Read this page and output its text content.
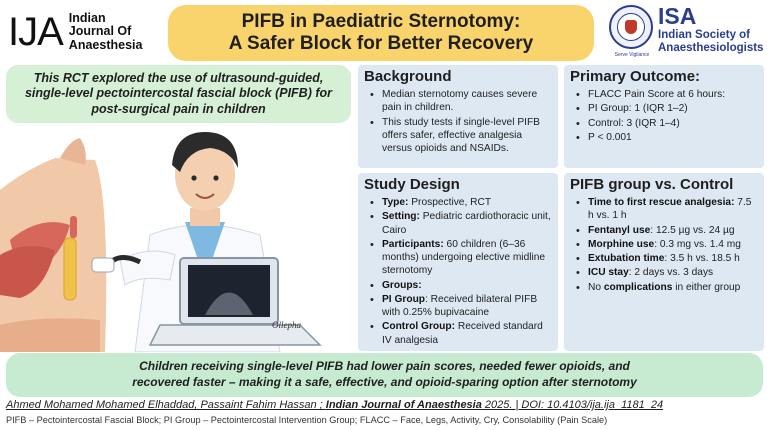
IJA Indian
Journal Of
Anaesthesia
PIFB in Paediatric Sternotomy:
A Safer Block for Better Recovery
Serve Vigilance
ISA
Indian Society of
Anaesthesiologists
This RCT explored the use of ultrasound-guided, single-level pectointercostal fascial block (PIFB) for post-surgical pain in children
Ollepha
Background
• Median sternotomy causes severe pain in children.
• This study tests if single-level PIFB offers safer, effective analgesia versus opioids and NSAIDs.
Primary Outcome:
• FLACC Pain Score at 6 hours:
• PI Group: 1 (IQR 1–2)
• Control: 3 (IQR 1–4)
• P < 0.001
Study Design
• Type: Prospective, RCT
• Setting: Pediatric cardiothoracic unit, Cairo
• Participants: 60 children (6–36 months) undergoing elective midline sternotomy
• Groups:
• PI Group: Received bilateral PIFB with 0.25% bupivacaine
• Control Group: Received standard IV analgesia
PIFB group vs. Control
• Time to first rescue analgesia: 7.5 h vs. 1 h
• Fentanyl use: 12.5 µg vs. 24 µg
• Morphine use: 0.3 mg vs. 1.4 mg
• Extubation time: 3.5 h vs. 18.5 h
• ICU stay: 2 days vs. 3 days
• No complications in either group
Children receiving single-level PIFB had lower pain scores, needed fewer opioids, and
recovered faster – making it a safe, effective, and opioid-sparing option after sternotomy
Ahmed Mohamed Mohamed Elhaddad, Passaint Fahim Hassan ; Indian Journal of Anaesthesia 2025. | DOI: 10.4103/ija.ija_1181_24
PIFB – Pectointercostal Fascial Block; PI Group – Pectointercostal Intervention Group; FLACC – Face, Legs, Activity, Cry, Consolability (Pain Scale)
